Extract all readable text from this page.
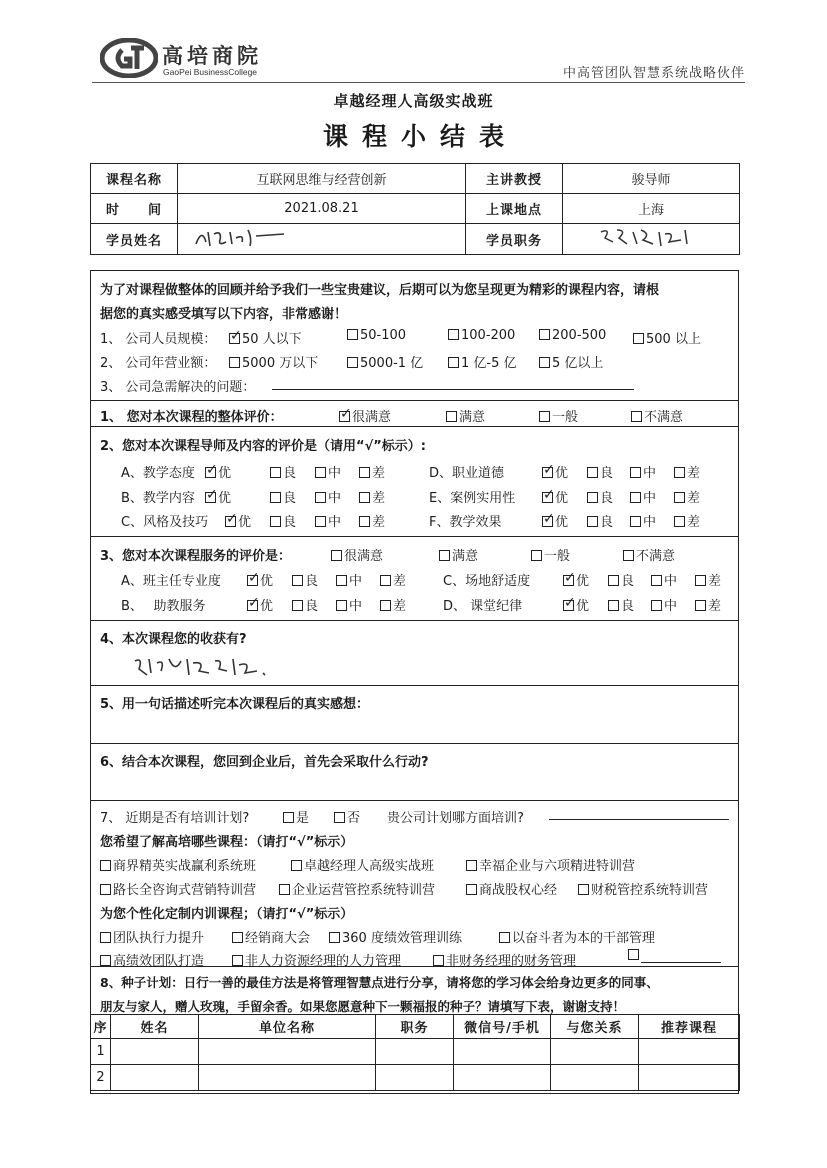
高培商院
GaoPei BusinessCollege	中高管团队智慧系统战略伙伴
卓越经理人高级实战班
课程小结表
课程名称	互联网思维与经营创新	主讲教授	骏导师
时　　间	2021.08.21	上课地点	上海
学员姓名		学员职务	
为了对课程做整体的回顾并给予我们一些宝贵建议，后期可以为您呈现更为精彩的课程内容，请根
据您的真实感受填写以下内容，非常感谢！
1、 公司人员规模： ✓	50 人以下	50-100	100-200	200-500	500 以上
2、 公司年营业额：	5000 万以下	5000-1 亿	1 亿-5 亿	5 亿以上
3、 公司急需解决的问题：
1、 您对本次课程的整体评价： ✓	很满意	满意	一般	不满意
2、您对本次课程导师及内容的评价是（请用“√”标示）:
A、教学态度 ✓	优	良	中	差	D、职业道德 ✓	优	良	中	差
B、教学内容 ✓	优	良	中	差	E、案例实用性 ✓	优	良	中	差
C、风格及技巧 ✓	优	良	中	差	F、教学效果 ✓	优	良	中	差
3、您对本次课程服务的评价是：	很满意	满意	一般	不满意
A、班主任专业度 ✓	优	良	中	差	C、场地舒适度 ✓	优	良	中	差
B、　 助教服务 ✓	优	良	中	差	D、 课堂纪律 ✓	优	良	中	差
4、本次课程您的收获有?
5、用一句话描述听完本次课程后的真实感想：
6、结合本次课程，您回到企业后，首先会采取什么行动?
7、 近期是否有培训计划?	是	否 贵公司计划哪方面培训?
您希望了解高培哪些课程：（请打“√”标示）
商界精英实战赢利系统班	卓越经理人高级实战班	幸福企业与六项精进特训营
路长全咨询式营销特训营	企业运营管控系统特训营	商战股权心经	财税管控系统特训营
为您个性化定制内训课程；（请打“√”标示）
团队执行力提升	经销商大会	360 度绩效管理训练	以奋斗者为本的干部管理
高绩效团队打造	非人力资源经理的人力管理	非财务经理的财务管理
8、种子计划：日行一善的最佳方法是将管理智慧点进行分享，请将您的学习体会给身边更多的同事、
朋友与家人，赠人玫瑰，手留余香。如果您愿意种下一颗福报的种子？请填写下表，谢谢支持！
序	姓名	单位名称	职务	微信号/手机	与您关系	推荐课程
1						
2						
